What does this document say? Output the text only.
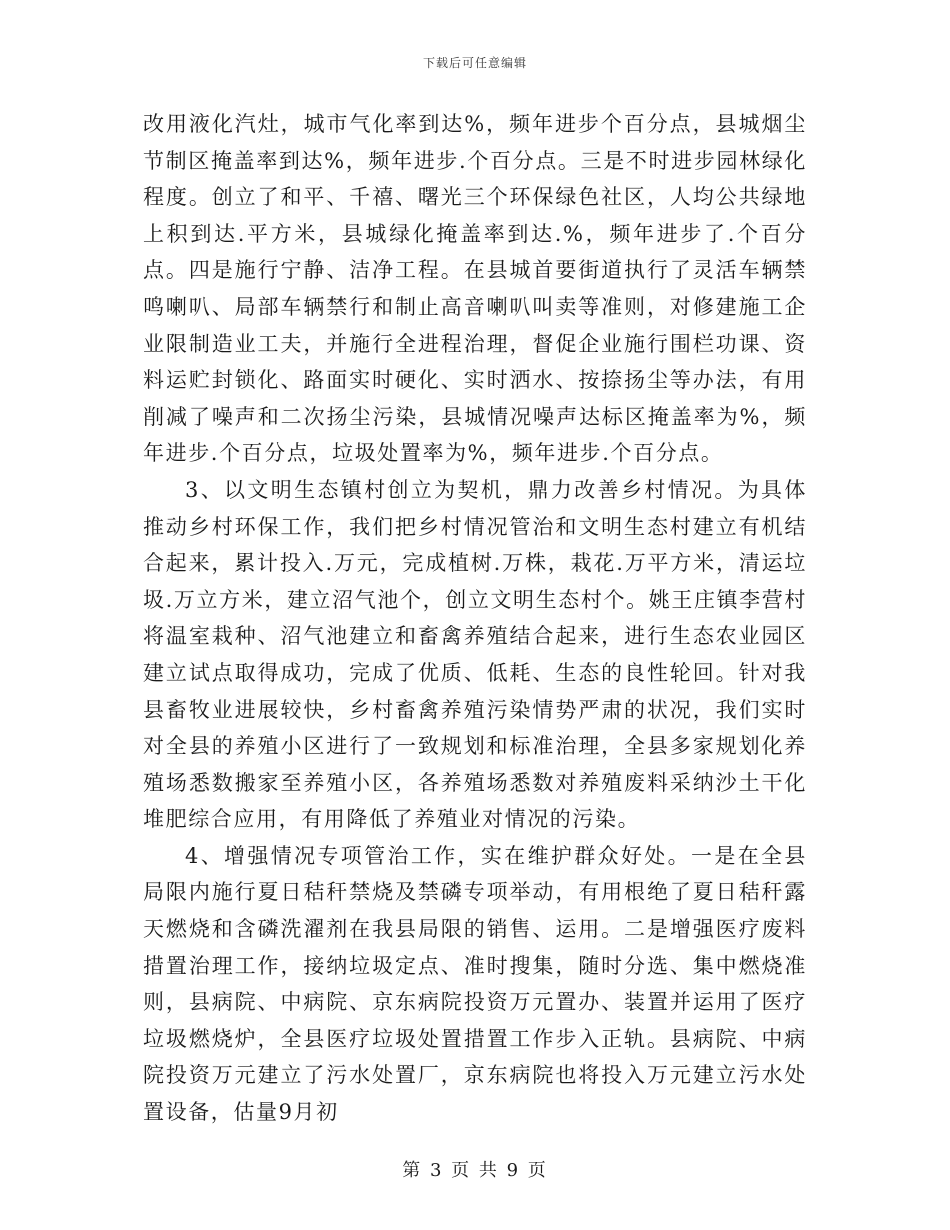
下载后可任意编辑

改用液化汽灶，城市气化率到达%，频年进步个百分点，县城烟尘节制区掩盖率到达%，频年进步.个百分点。三是不时进步园林绿化程度。创立了和平、千禧、曙光三个环保绿色社区，人均公共绿地上积到达.平方米，县城绿化掩盖率到达.%，频年进步了.个百分点。四是施行宁静、洁净工程。在县城首要街道执行了灵活车辆禁鸣喇叭、局部车辆禁行和制止高音喇叭叫卖等准则，对修建施工企业限制造业工夫，并施行全进程治理，督促企业施行围栏功课、资料运贮封锁化、路面实时硬化、实时洒水、按捺扬尘等办法，有用削减了噪声和二次扬尘污染，县城情况噪声达标区掩盖率为%，频年进步.个百分点，垃圾处置率为%，频年进步.个百分点。

3、以文明生态镇村创立为契机，鼎力改善乡村情况。为具体推动乡村环保工作，我们把乡村情况管治和文明生态村建立有机结合起来，累计投入.万元，完成植树.万株，栽花.万平方米，清运垃圾.万立方米，建立沼气池个，创立文明生态村个。姚王庄镇李营村将温室栽种、沼气池建立和畜禽养殖结合起来，进行生态农业园区建立试点取得成功，完成了优质、低耗、生态的良性轮回。针对我县畜牧业进展较快，乡村畜禽养殖污染情势严肃的状况，我们实时对全县的养殖小区进行了一致规划和标准治理，全县多家规划化养殖场悉数搬家至养殖小区，各养殖场悉数对养殖废料采纳沙土干化堆肥综合应用，有用降低了养殖业对情况的污染。

4、增强情况专项管治工作，实在维护群众好处。一是在全县局限内施行夏日秸秆禁烧及禁磷专项举动，有用根绝了夏日秸秆露天燃烧和含磷洗濯剂在我县局限的销售、运用。二是增强医疗废料措置治理工作，接纳垃圾定点、准时搜集，随时分选、集中燃烧准则，县病院、中病院、京东病院投资万元置办、装置并运用了医疗垃圾燃烧炉，全县医疗垃圾处置措置工作步入正轨。县病院、中病院投资万元建立了污水处置厂，京东病院也将投入万元建立污水处置设备，估量9月初

第 3 页 共 9 页
